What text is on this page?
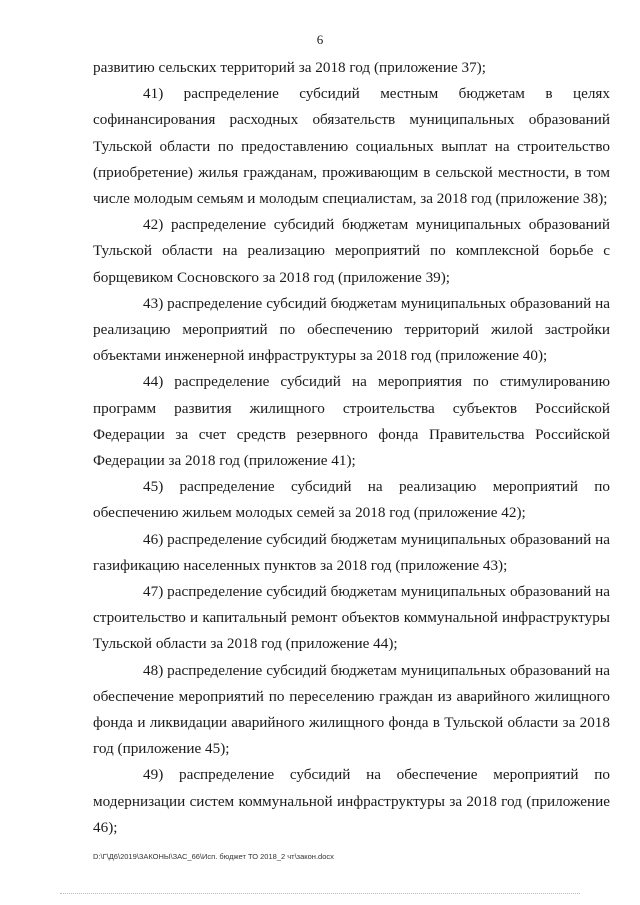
6

развитию сельских территорий за 2018 год (приложение 37);

41)    распределение    субсидий    местным    бюджетам    в    целях софинансирования расходных обязательств муниципальных образований Тульской области по предоставлению социальных выплат на строительство (приобретение) жилья гражданам, проживающим в сельской местности, в том числе молодым семьям и молодым специалистам, за 2018 год (приложение 38);

42) распределение субсидий бюджетам муниципальных образований Тульской области на реализацию мероприятий по комплексной борьбе с борщевиком Сосновского за 2018 год (приложение 39);

43) распределение субсидий бюджетам муниципальных образований на реализацию мероприятий по обеспечению территорий жилой застройки объектами инженерной инфраструктуры за 2018 год (приложение 40);

44) распределение субсидий на мероприятия по стимулированию программ развития жилищного строительства субъектов Российской Федерации за счет средств резервного фонда Правительства Российской Федерации за 2018 год (приложение 41);

45) распределение субсидий на реализацию мероприятий по обеспечению жильем молодых семей за 2018 год (приложение 42);

46) распределение субсидий бюджетам муниципальных образований на газификацию населенных пунктов за 2018 год (приложение 43);

47) распределение субсидий бюджетам муниципальных образований на строительство и капитальный ремонт объектов коммунальной инфраструктуры Тульской области за 2018 год (приложение 44);

48) распределение субсидий бюджетам муниципальных образований на обеспечение мероприятий по переселению граждан из аварийного жилищного фонда и ликвидации аварийного жилищного фонда в Тульской области за 2018 год (приложение 45);

49)    распределение    субсидий    на    обеспечение    мероприятий    по модернизации систем коммунальной инфраструктуры за 2018 год (приложение 46);

D:\Г\Д6\2019\ЗАКОНЫ\ЗАС_66\Исп. бюджет ТО 2018_2 чт\закон.docx
